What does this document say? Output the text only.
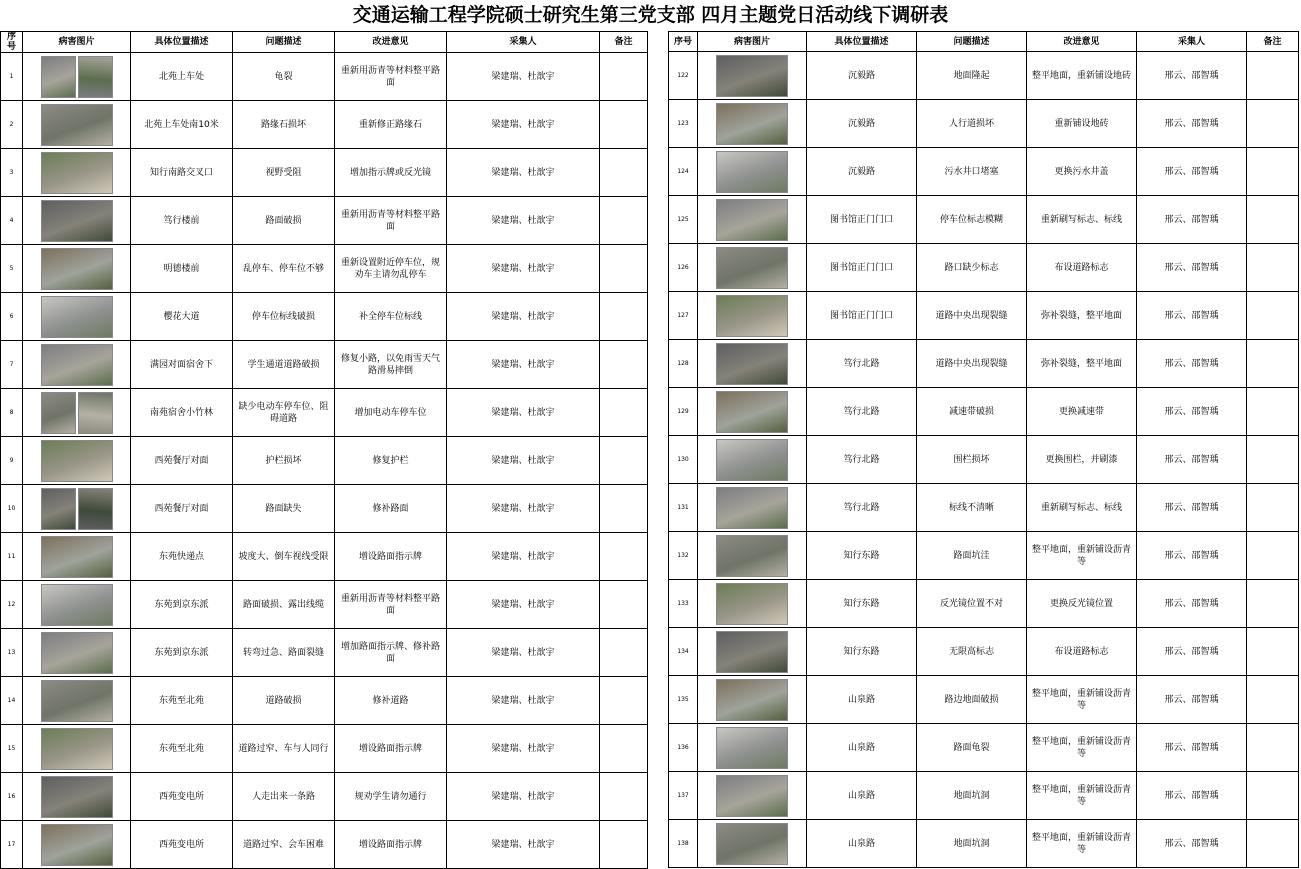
交通运输工程学院硕士研究生第三党支部 四月主题党日活动线下调研表
序号	病害图片	具体位置描述	问题描述	改进意见	采集人	备注
1		北苑上车处	龟裂	重新用沥青等材料整平路面	梁建瑞、杜歆宇	
2		北苑上车处南10米	路缘石损坏	重新修正路缘石	梁建瑞、杜歆宇	
3		知行南路交叉口	视野受阻	增加指示牌或反光镜	梁建瑞、杜歆宇	
4		笃行楼前	路面破损	重新用沥青等材料整平路面	梁建瑞、杜歆宇	
5		明德楼前	乱停车、停车位不够	重新设置附近停车位，规劝车主请勿乱停车	梁建瑞、杜歆宇	
6		樱花大道	停车位标线破损	补全停车位标线	梁建瑞、杜歆宇	
7		满园对面宿舍下	学生通道道路破损	修复小路，以免雨雪天气路滑易摔倒	梁建瑞、杜歆宇	
8		南苑宿舍小竹林	缺少电动车停车位、阻碍道路	增加电动车停车位	梁建瑞、杜歆宇	
9		西苑餐厅对面	护栏损坏	修复护栏	梁建瑞、杜歆宇	
10		西苑餐厅对面	路面缺失	修补路面	梁建瑞、杜歆宇	
11		东苑快递点	坡度大、倒车视线受限	增设路面指示牌	梁建瑞、杜歆宇	
12		东苑到京东派	路面破损、露出线缆	重新用沥青等材料整平路面	梁建瑞、杜歆宇	
13		东苑到京东派	转弯过急、路面裂缝	增加路面指示牌、修补路面	梁建瑞、杜歆宇	
14		东苑至北苑	道路破损	修补道路	梁建瑞、杜歆宇	
15		东苑至北苑	道路过窄、车与人同行	增设路面指示牌	梁建瑞、杜歆宇	
16		西苑变电所	人走出来一条路	规劝学生请勿通行	梁建瑞、杜歆宇	
17		西苑变电所	道路过窄、会车困难	增设路面指示牌	梁建瑞、杜歆宇	
序号	病害图片	具体位置描述	问题描述	改进意见	采集人	备注
122		沉毅路	地面隆起	整平地面，重新铺设地砖	邢云、邵智瑀	
123		沉毅路	人行道损坏	重新铺设地砖	邢云、邵智瑀	
124		沉毅路	污水井口堵塞	更换污水井盖	邢云、邵智瑀	
125		图书馆正门门口	停车位标志模糊	重新刷写标志、标线	邢云、邵智瑀	
126		图书馆正门门口	路口缺少标志	布设道路标志	邢云、邵智瑀	
127		图书馆正门门口	道路中央出现裂缝	弥补裂缝，整平地面	邢云、邵智瑀	
128		笃行北路	道路中央出现裂缝	弥补裂缝，整平地面	邢云、邵智瑀	
129		笃行北路	减速带破损	更换减速带	邢云、邵智瑀	
130		笃行北路	围栏损坏	更换围栏，并刷漆	邢云、邵智瑀	
131		笃行北路	标线不清晰	重新刷写标志、标线	邢云、邵智瑀	
132		知行东路	路面坑洼	整平地面，重新铺设沥青等	邢云、邵智瑀	
133		知行东路	反光镜位置不对	更换反光镜位置	邢云、邵智瑀	
134		知行东路	无限高标志	布设道路标志	邢云、邵智瑀	
135		山泉路	路边地面破损	整平地面，重新铺设沥青等	邢云、邵智瑀	
136		山泉路	路面龟裂	整平地面，重新铺设沥青等	邢云、邵智瑀	
137		山泉路	地面坑洞	整平地面，重新铺设沥青等	邢云、邵智瑀	
138		山泉路	地面坑洞	整平地面，重新铺设沥青等	邢云、邵智瑀	
